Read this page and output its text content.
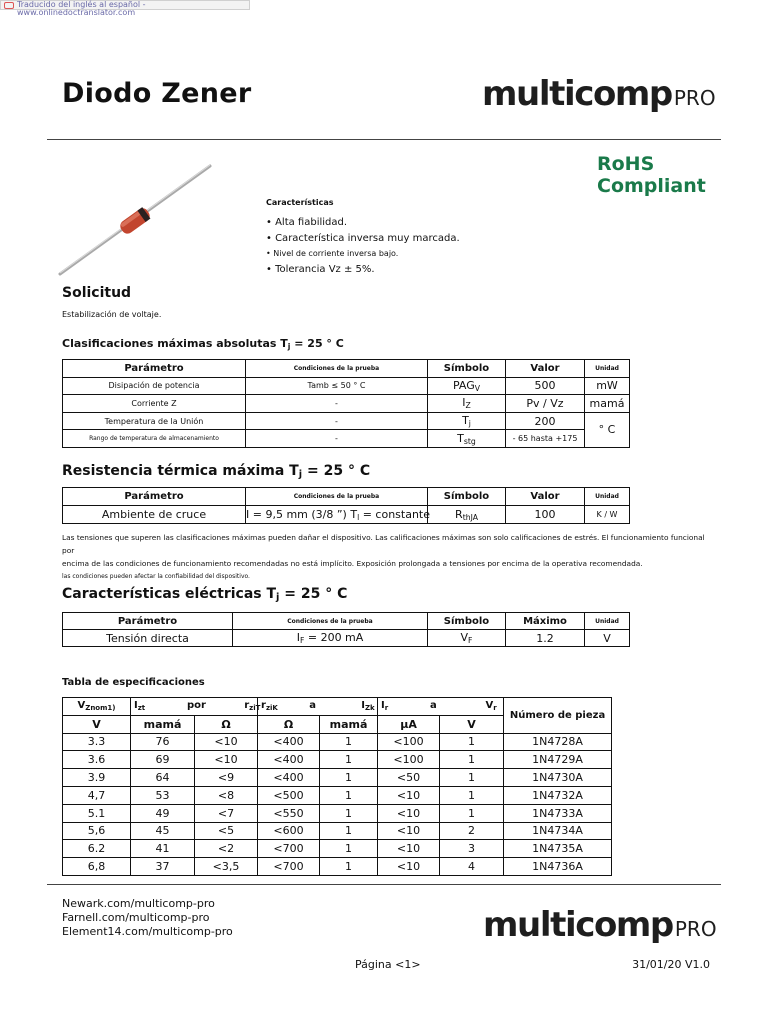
Traducido del inglés al español - www.onlinedoctranslator.com
Diodo Zener	multicomp PRO
RoHS
Compliant
Características
• Alta fiabilidad.
• Característica inversa muy marcada.
• Nivel de corriente inversa bajo.
• Tolerancia Vz ± 5%.
Solicitud
Estabilización de voltaje.
Clasificaciones máximas absolutas $T_j = 25$ ° C
Parámetro	Condiciones de la prueba	Símbolo	Valor	Unidad
Disipación de potencia	Tamb ≤ 50 ° C	$PAG_V$	500	mW
Corriente Z	-	$I_Z$	Pv / Vz	mamá
Temperatura de la Unión	-	$T_j$	200	° C
Rango de temperatura de almacenamiento	-	$T_{stg}$	- 65 hasta +175	
Resistencia térmica máxima $T_j = 25$ ° C
Parámetro	Condiciones de la prueba	Símbolo	Valor	Unidad
Ambiente de cruce	I = 9,5 mm (3/8 ”) $T_l$ = constante	$R_{thJA}$	100	K / W
Las tensiones que superen las clasificaciones máximas pueden dañar el dispositivo. Las calificaciones máximas son solo calificaciones de estrés. El funcionamiento funcional por
encima de las condiciones de funcionamiento recomendadas no está implícito. Exposición prolongada a tensiones por encima de la operativa recomendada.
las condiciones pueden afectar la confiabilidad del dispositivo.
Características eléctricas $T_j = 25$ ° C
Parámetro	Condiciones de la prueba	Símbolo	Máximo	Unidad
Tensión directa	$I_F = 200$ mA	$V_F$	1.2	V
Tabla de especificaciones
$V_{Znom1)}$	$I_{zt}$ por $r_{ziT}$		$r_{ziK}$ a $I_{Zk}$		$I_r$ a $V_r$		Número de pieza
V	mamá	Ω	Ω	mamá	μA	V	
3.3	76	<10	<400	1	<100	1	1N4728A
3.6	69	<10	<400	1	<100	1	1N4729A
3.9	64	<9	<400	1	<50	1	1N4730A
4,7	53	<8	<500	1	<10	1	1N4732A
5.1	49	<7	<550	1	<10	1	1N4733A
5,6	45	<5	<600	1	<10	2	1N4734A
6.2	41	<2	<700	1	<10	3	1N4735A
6,8	37	<3,5	<700	1	<10	4	1N4736A
Newark.com/multicomp-pro
Farnell.com/multicomp-pro
Element14.com/multicomp-pro	multicomp PRO
Página <1>	31/01/20 V1.0
